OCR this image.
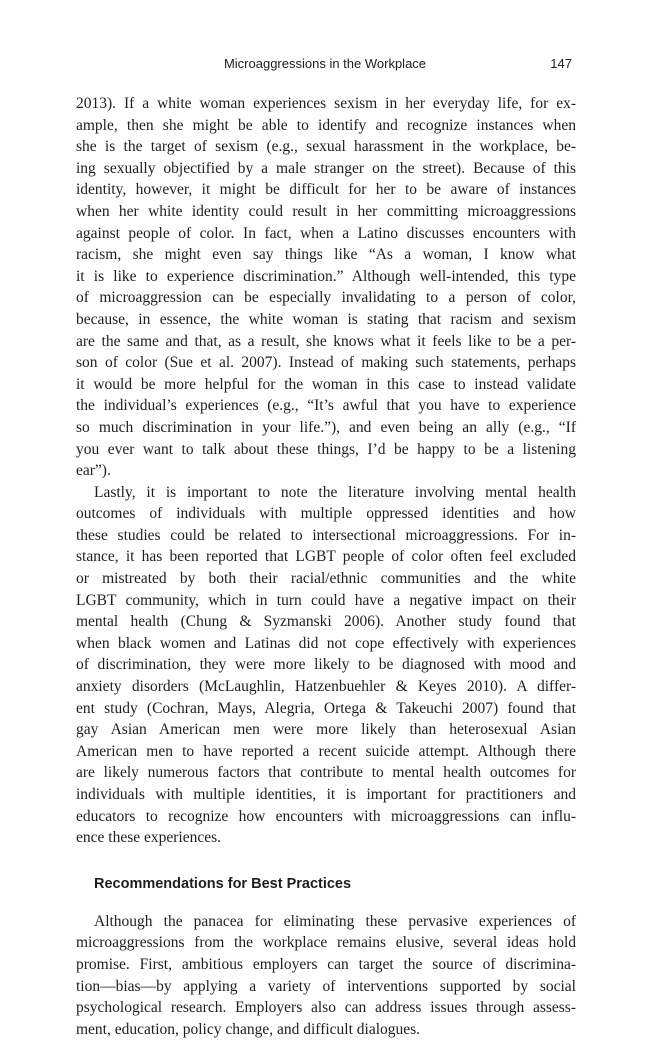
Microaggressions in the Workplace	147
2013). If a white woman experiences sexism in her everyday life, for ex-
ample, then she might be able to identify and recognize instances when
she is the target of sexism (e.g., sexual harassment in the workplace, be-
ing sexually objectified by a male stranger on the street). Because of this
identity, however, it might be difficult for her to be aware of instances
when her white identity could result in her committing microaggressions
against people of color. In fact, when a Latino discusses encounters with
racism, she might even say things like “As a woman, I know what
it is like to experience discrimination.” Although well-intended, this type
of microaggression can be especially invalidating to a person of color,
because, in essence, the white woman is stating that racism and sexism
are the same and that, as a result, she knows what it feels like to be a per-
son of color (Sue et al. 2007). Instead of making such statements, perhaps
it would be more helpful for the woman in this case to instead validate
the individual’s experiences (e.g., “It’s awful that you have to experience
so much discrimination in your life.”), and even being an ally (e.g., “If
you ever want to talk about these things, I’d be happy to be a listening
ear”).
Lastly, it is important to note the literature involving mental health
outcomes of individuals with multiple oppressed identities and how
these studies could be related to intersectional microaggressions. For in-
stance, it has been reported that LGBT people of color often feel excluded
or mistreated by both their racial/ethnic communities and the white
LGBT community, which in turn could have a negative impact on their
mental health (Chung & Syzmanski 2006). Another study found that
when black women and Latinas did not cope effectively with experiences
of discrimination, they were more likely to be diagnosed with mood and
anxiety disorders (McLaughlin, Hatzenbuehler & Keyes 2010). A differ-
ent study (Cochran, Mays, Alegria, Ortega & Takeuchi 2007) found that
gay Asian American men were more likely than heterosexual Asian
American men to have reported a recent suicide attempt. Although there
are likely numerous factors that contribute to mental health outcomes for
individuals with multiple identities, it is important for practitioners and
educators to recognize how encounters with microaggressions can influ-
ence these experiences.
Recommendations for Best Practices
Although the panacea for eliminating these pervasive experiences of
microaggressions from the workplace remains elusive, several ideas hold
promise. First, ambitious employers can target the source of discrimina-
tion—bias—by applying a variety of interventions supported by social
psychological research. Employers also can address issues through assess-
ment, education, policy change, and difficult dialogues.
